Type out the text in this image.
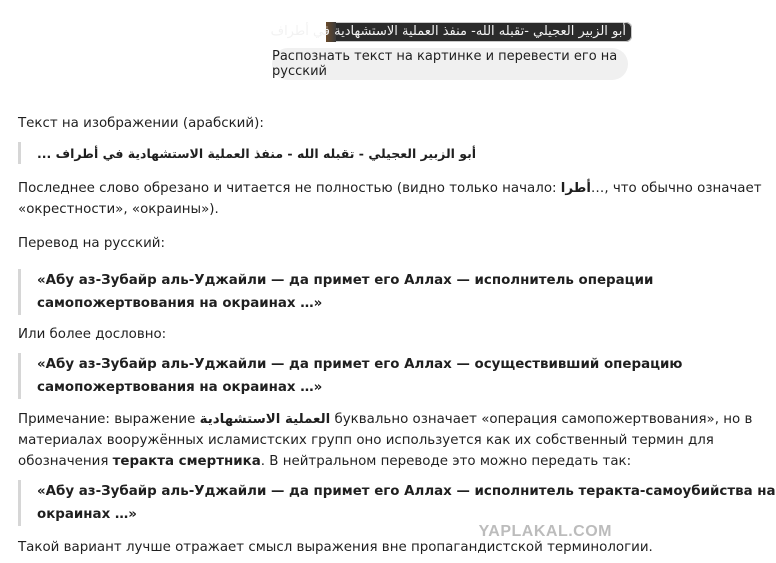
أبو الزبير العجيلي -تقبله الله- منفذ العملية الاستشهادية في أطراف
Распознать текст на картинке и перевести его на русский
Текст на изображении (арабский):
أبو الزبير العجيلي - تقبله الله - منفذ العملية الاستشهادية في أطراف ...
Последнее слово обрезано и читается не полностью (видно только начало: أطرا…, что обычно означает
«окрестности», «окраины»).
Перевод на русский:
«Абу аз-Зубайр аль-Уджайли — да примет его Аллах — исполнитель операции
самопожертвования на окраинах …»
Или более дословно:
«Абу аз-Зубайр аль-Уджайли — да примет его Аллах — осуществивший операцию
самопожертвования на окраинах …»
Примечание: выражение العملية الاستشهادية буквально означает «операция самопожертвования», но в
материалах вооружённых исламистских групп оно используется как их собственный термин для
обозначения теракта смертника. В нейтральном переводе это можно передать так:
«Абу аз-Зубайр аль-Уджайли — да примет его Аллах — исполнитель теракта-самоубийства на
окраинах …»
YAPLAKAL.COM
Такой вариант лучше отражает смысл выражения вне пропагандистской терминологии.
